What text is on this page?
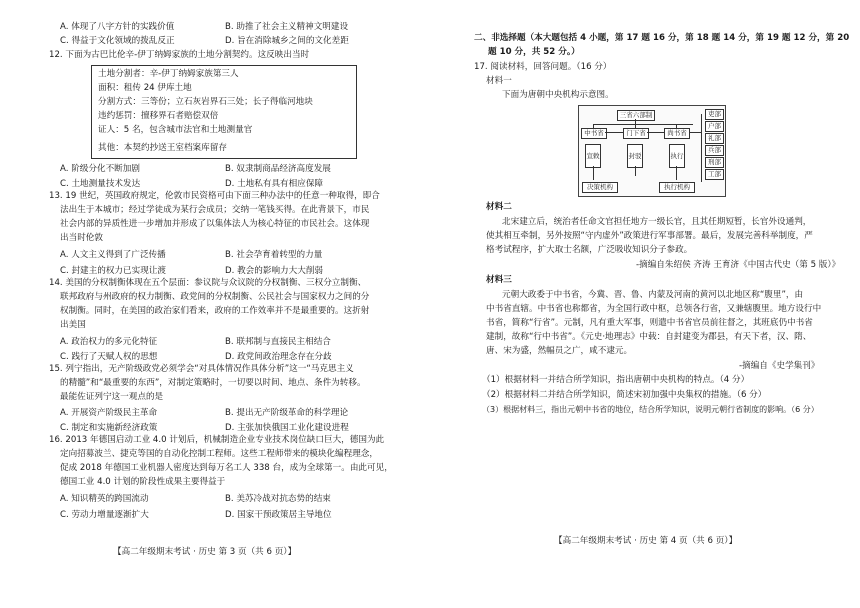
A. 体现了八字方针的实践价值	B. 助推了社会主义精神文明建设
C. 得益于文化领域的拨乱反正	D. 旨在消除城乡之间的文化差距
12. 下面为古巴比伦辛-伊丁纳姆家族的土地分割契约。这反映出当时
土地分割者：辛-伊丁纳姆家族第三人
面积：租传 24 伊库土地
分割方式：三等份；立石灰岩界石三处；长子得临河地块
违约惩罚：擅移界石者赔偿双倍
证人：5 名，包含城市法官和土地测量官
其他：本契约抄送王室档案库留存
A. 阶级分化不断加剧	B. 奴隶制商品经济高度发展
C. 土地测量技术发达	D. 土地私有具有相应保障
13. 19 世纪，英国政府规定，伦敦市民资格可由下面三种办法中的任意一种取得，即合
法出生于本城市；经过学徒成为某行会成员；交纳一笔钱买得。在此背景下，市民
社会内部的异质性进一步增加并形成了以集体法人为核心特征的市民社会。这体现
出当时伦敦
A. 人文主义得到了广泛传播	B. 社会孕育着转型的力量
C. 封建主的权力已实现让渡	D. 教会的影响力大大削弱
14. 美国的分权制衡体现在五个层面：参议院与众议院的分权制衡、三权分立制衡、
联邦政府与州政府的权力制衡、政党间的分权制衡、公民社会与国家权力之间的分
权制衡。同时，在美国的政治家们看来，政府的工作效率并不是最重要的。这折射
出美国
A. 政治权力的多元化特征	B. 联邦制与直接民主相结合
C. 践行了天赋人权的思想	D. 政党间政治理念存在分歧
15. 列宁指出，无产阶级政党必须学会“对具体情况作具体分析”这一“马克思主义
的精髓”和“最重要的东西”，对制定策略时，一切要以时间、地点、条件为转移。
最能佐证列宁这一观点的是
A. 开展资产阶级民主革命	B. 提出无产阶级革命的科学理论
C. 制定和实施新经济政策	D. 主张加快俄国工业化建设进程
16. 2013 年德国启动工业 4.0 计划后，机械制造企业专业技术岗位缺口巨大，德国为此
定向招募波兰、捷克等国的自动化控制工程师。这些工程师带来的模块化编程理念，
促成 2018 年德国工业机器人密度达到每万名工人 338 台，成为全球第一。由此可见，
德国工业 4.0 计划的阶段性成果主要得益于
A. 知识精英的跨国流动	B. 美苏冷战对抗态势的结束
C. 劳动力增量逐渐扩大	D. 国家干预政策居主导地位
【高二年级期末考试 · 历史 第 3 页（共 6 页）】
二、非选择题（本大题包括 4 小题，第 17 题 16 分，第 18 题 14 分，第 19 题 12 分，第 20
题 10 分，共 52 分。）
17. 阅读材料，回答问题。（16 分）
材料一
下面为唐朝中央机构示意图。
三省六部制
中书省	门下省	尚书省
宣敕	封驳	执行
吏部
户部
礼部
兵部
刑部
工部
决策机构	执行机构
材料二
北宋建立后，统治者任命文官担任地方一级长官，且其任期短暂，长官外设通判，
使其相互牵制，另外按照“守内虚外”政策进行军事部署。最后，发展完善科举制度，严
格考试程序，扩大取士名额，广泛吸收知识分子参政。
-摘编自朱绍侯 齐涛 王育济《中国古代史（第 5 版）》
材料三
元朝大政委于中书省，今冀、晋、鲁、内蒙及河南的黄河以北地区称“腹里”，由
中书省直辖。中书省也称都省，为全国行政中枢，总领各行省，又兼辖腹里。地方设行中
书省，简称“行省”。元制，凡有重大军事，则遣中书省官员前往督之，其班底仍中书省
建制，故称“行中书省”。《元史·地理志》中载：自封建变为郡县，有天下者，汉、隋、
唐、宋为盛，然幅员之广，咸不逮元。
-摘编自《史学集刊》
（1）根据材料一并结合所学知识，指出唐朝中央机构的特点。（4 分）
（2）根据材料二并结合所学知识，简述宋初加强中央集权的措施。（6 分）
（3）根据材料三，指出元朝中书省的地位，结合所学知识，说明元朝行省制度的影响。（6 分）
【高二年级期末考试 · 历史 第 4 页（共 6 页）】
